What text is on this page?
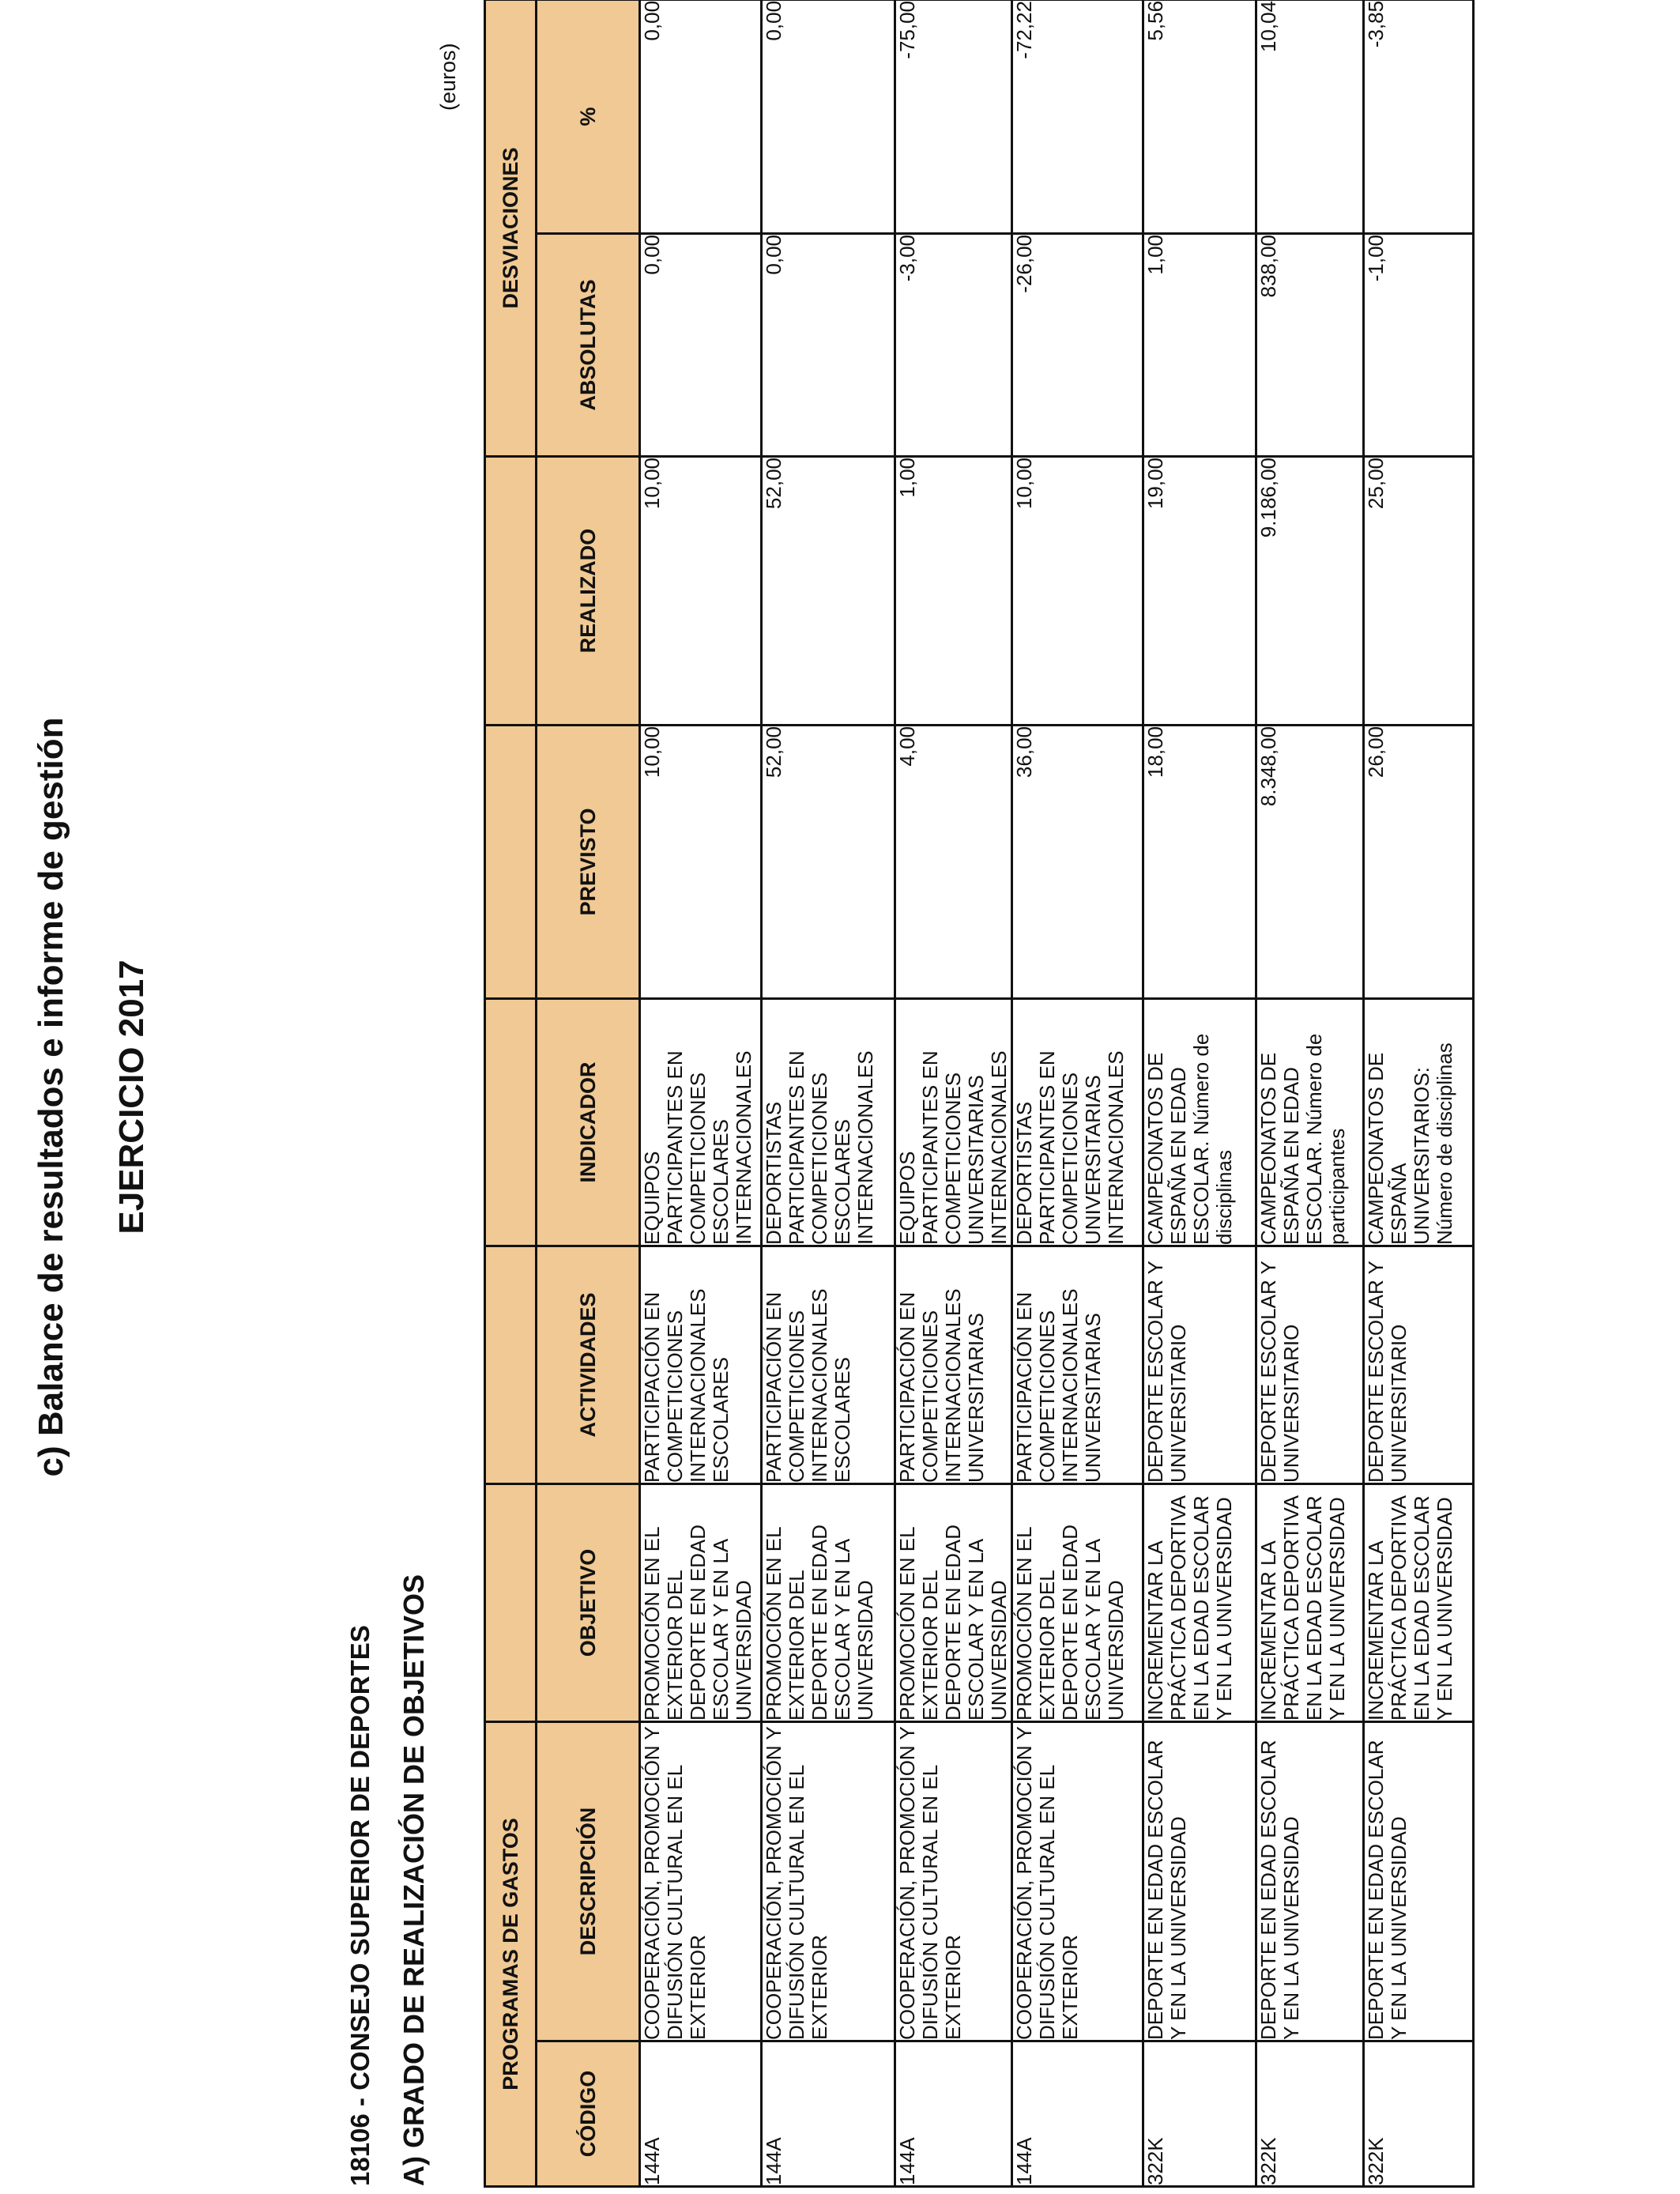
c) Balance de resultados e informe de gestión EJERCICIO 2017
18106 - CONSEJO SUPERIOR DE DEPORTES A) GRADO DE REALIZACIÓN DE OBJETIVOS
(euros)
PROGRAMAS DE GASTOS							DESVIACIONES	
CÓDIGO	DESCRIPCIÓN	OBJETIVO	ACTIVIDADES	INDICADOR	PREVISTO	REALIZADO	ABSOLUTAS	%
144A	COOPERACIÓN, PROMOCIÓN Y DIFUSIÓN CULTURAL EN EL EXTERIOR	PROMOCIÓN EN EL EXTERIOR DEL DEPORTE EN EDAD ESCOLAR Y EN LA UNIVERSIDAD	PARTICIPACIÓN EN COMPETICIONES INTERNACIONALES ESCOLARES	EQUIPOS PARTICIPANTES EN COMPETICIONES ESCOLARES INTERNACIONALES	10,00	10,00	0,00	0,00
144A	COOPERACIÓN, PROMOCIÓN Y DIFUSIÓN CULTURAL EN EL EXTERIOR	PROMOCIÓN EN EL EXTERIOR DEL DEPORTE EN EDAD ESCOLAR Y EN LA UNIVERSIDAD	PARTICIPACIÓN EN COMPETICIONES INTERNACIONALES ESCOLARES	DEPORTISTAS PARTICIPANTES EN COMPETICIONES ESCOLARES INTERNACIONALES	52,00	52,00	0,00	0,00
144A	COOPERACIÓN, PROMOCIÓN Y DIFUSIÓN CULTURAL EN EL EXTERIOR	PROMOCIÓN EN EL EXTERIOR DEL DEPORTE EN EDAD ESCOLAR Y EN LA UNIVERSIDAD	PARTICIPACIÓN EN COMPETICIONES INTERNACIONALES UNIVERSITARIAS	EQUIPOS PARTICIPANTES EN COMPETICIONES UNIVERSITARIAS INTERNACIONALES	4,00	1,00	-3,00	-75,00
144A	COOPERACIÓN, PROMOCIÓN Y DIFUSIÓN CULTURAL EN EL EXTERIOR	PROMOCIÓN EN EL EXTERIOR DEL DEPORTE EN EDAD ESCOLAR Y EN LA UNIVERSIDAD	PARTICIPACIÓN EN COMPETICIONES INTERNACIONALES UNIVERSITARIAS	DEPORTISTAS PARTICIPANTES EN COMPETICIONES UNIVERSITARIAS INTERNACIONALES	36,00	10,00	-26,00	-72,22
322K	DEPORTE EN EDAD ESCOLAR Y EN LA UNIVERSIDAD	INCREMENTAR LA PRÁCTICA DEPORTIVA EN LA EDAD ESCOLAR Y EN LA UNIVERSIDAD	DEPORTE ESCOLAR Y UNIVERSITARIO	CAMPEONATOS DE ESPAÑA EN EDAD ESCOLAR. Número de disciplinas	18,00	19,00	1,00	5,56
322K	DEPORTE EN EDAD ESCOLAR Y EN LA UNIVERSIDAD	INCREMENTAR LA PRÁCTICA DEPORTIVA EN LA EDAD ESCOLAR Y EN LA UNIVERSIDAD	DEPORTE ESCOLAR Y UNIVERSITARIO	CAMPEONATOS DE ESPAÑA EN EDAD ESCOLAR. Número de participantes	8.348,00	9.186,00	838,00	10,04
322K	DEPORTE EN EDAD ESCOLAR Y EN LA UNIVERSIDAD	INCREMENTAR LA PRÁCTICA DEPORTIVA EN LA EDAD ESCOLAR Y EN LA UNIVERSIDAD	DEPORTE ESCOLAR Y UNIVERSITARIO	CAMPEONATOS DE ESPAÑA UNIVERSITARIOS: Número de disciplinas	26,00	25,00	-1,00	-3,85
